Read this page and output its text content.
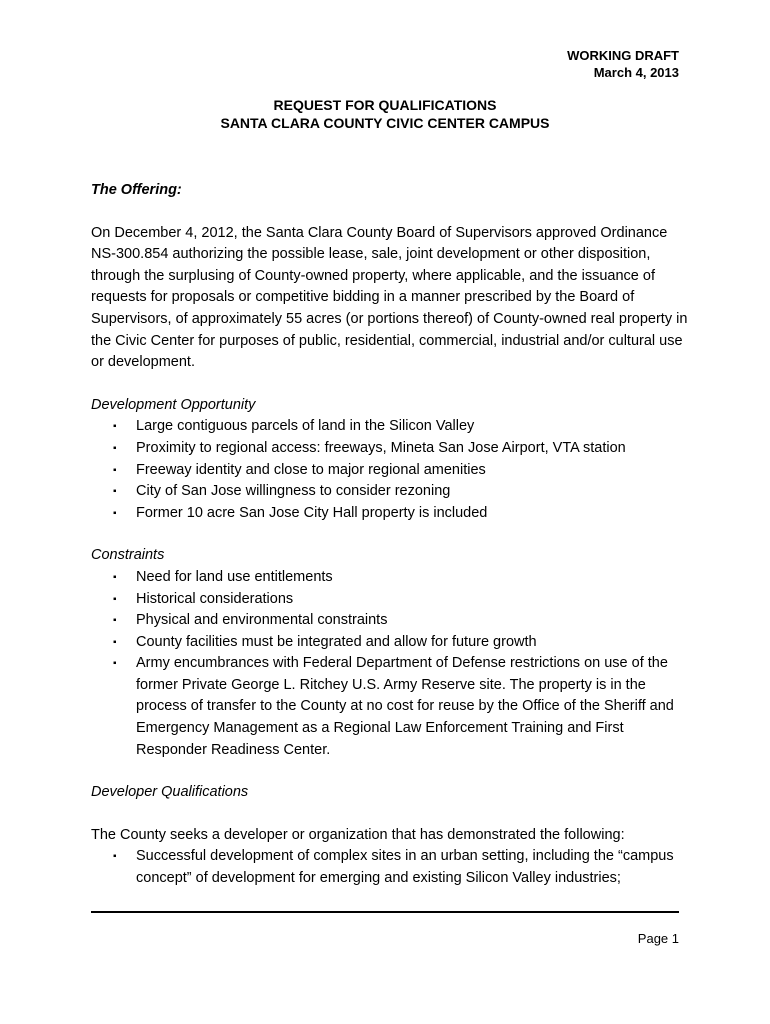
WORKING DRAFT
March 4, 2013
REQUEST FOR QUALIFICATIONS
SANTA CLARA COUNTY CIVIC CENTER CAMPUS

The Offering:

On December 4, 2012, the Santa Clara County Board of Supervisors approved Ordinance NS-300.854 authorizing the possible lease, sale, joint development or other disposition, through the surplusing of County-owned property, where applicable, and the issuance of requests for proposals or competitive bidding in a manner prescribed by the Board of Supervisors, of approximately 55 acres (or portions thereof) of County-owned real property in the Civic Center for purposes of public, residential, commercial, industrial and/or cultural use or development.

Development Opportunity

▪ Large contiguous parcels of land in the Silicon Valley
▪ Proximity to regional access: freeways, Mineta San Jose Airport, VTA station
▪ Freeway identity and close to major regional amenities
▪ City of San Jose willingness to consider rezoning
▪ Former 10 acre San Jose City Hall property is included

Constraints

▪ Need for land use entitlements
▪ Historical considerations
▪ Physical and environmental constraints
▪ County facilities must be integrated and allow for future growth
▪ Army encumbrances with Federal Department of Defense restrictions on use of the former Private George L. Ritchey U.S. Army Reserve site. The property is in the process of transfer to the County at no cost for reuse by the Office of the Sheriff and Emergency Management as a Regional Law Enforcement Training and First Responder Readiness Center.

Developer Qualifications

The County seeks a developer or organization that has demonstrated the following:

▪ Successful development of complex sites in an urban setting, including the “campus concept” of development for emerging and existing Silicon Valley industries;
Page 1
